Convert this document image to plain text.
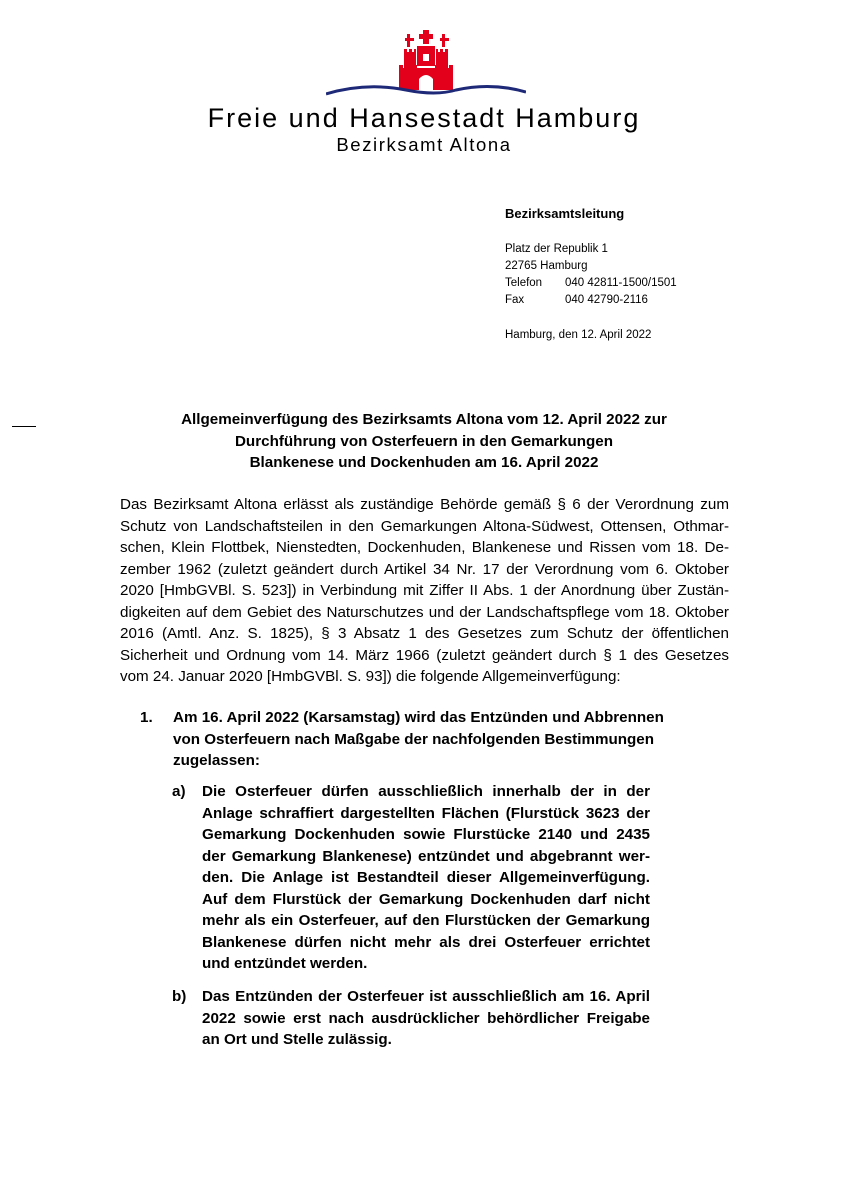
Freie und Hansestadt Hamburg
Bezirksamt Altona
Bezirksamtsleitung
Platz der Republik 1
22765 Hamburg
Telefon	040 42811-1500/1501
Fax	040 42790-2116
Hamburg, den 12. April 2022
Allgemeinverfügung des Bezirksamts Altona vom 12. April 2022 zur
Durchführung von Osterfeuern in den Gemarkungen
Blankenese und Dockenhuden am 16. April 2022
Das Bezirksamt Altona erlässt als zuständige Behörde gemäß § 6 der Verordnung zum Schutz von Landschaftsteilen in den Gemarkungen Altona-Südwest, Ottensen, Othmarschen, Klein Flottbek, Nienstedten, Dockenhuden, Blankenese und Rissen vom 18. Dezember 1962 (zuletzt geändert durch Artikel 34 Nr. 17 der Verordnung vom 6. Oktober 2020 [HmbGVBl. S. 523]) in Verbindung mit Ziffer II Abs. 1 der Anordnung über Zuständigkeiten auf dem Gebiet des Naturschutzes und der Landschaftspflege vom 18. Oktober 2016 (Amtl. Anz. S. 1825), § 3 Absatz 1 des Gesetzes zum Schutz der öffentlichen Sicherheit und Ordnung vom 14. März 1966 (zuletzt geändert durch § 1 des Gesetzes vom 24. Januar 2020 [HmbGVBl. S. 93]) die folgende Allgemeinverfügung:
1. Am 16. April 2022 (Karsamstag) wird das Entzünden und Abbrennen von Osterfeuern nach Maßgabe der nachfolgenden Bestimmungen zugelassen:
a) Die Osterfeuer dürfen ausschließlich innerhalb der in der Anlage schraffiert dargestellten Flächen (Flurstück 3623 der Gemarkung Dockenhuden sowie Flurstücke 2140 und 2435 der Gemarkung Blankenese) entzündet und abgebrannt werden. Die Anlage ist Bestandteil dieser Allgemeinverfügung. Auf dem Flurstück der Gemarkung Dockenhuden darf nicht mehr als ein Osterfeuer, auf den Flurstücken der Gemarkung Blankenese dürfen nicht mehr als drei Osterfeuer errichtet und entzündet werden.
b) Das Entzünden der Osterfeuer ist ausschließlich am 16. April 2022 sowie erst nach ausdrücklicher behördlicher Freigabe an Ort und Stelle zulässig.
